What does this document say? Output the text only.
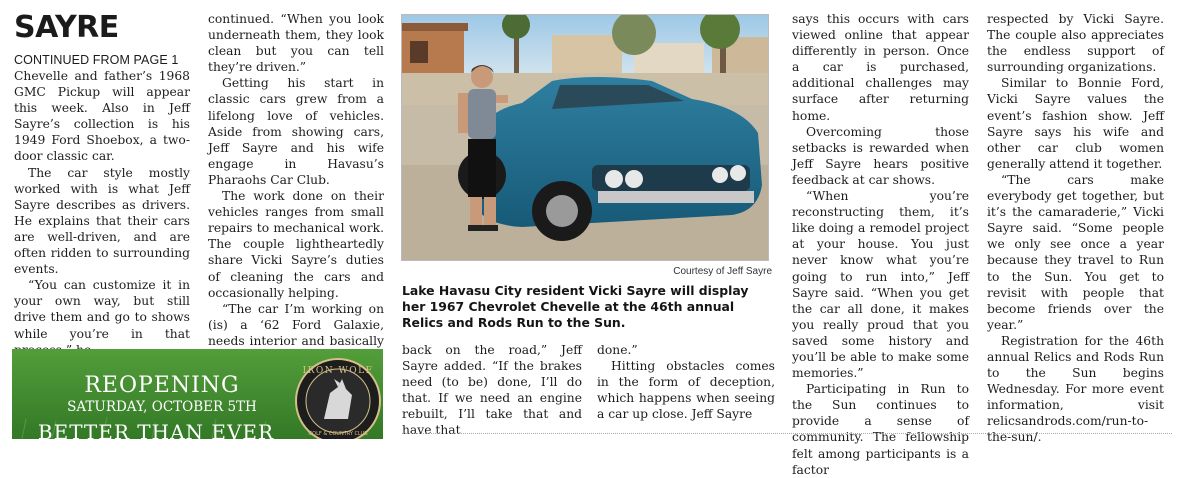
SAYRE
CONTINUED FROM PAGE 1

Chevelle and father’s 1968 GMC Pickup will appear this week. Also in Jeff Sayre’s collection is his 1949 Ford Shoebox, a two-door classic car.

The car style mostly worked with is what Jeff Sayre describes as drivers. He explains that their cars are well-driven, and are often ridden to surrounding events.

“You can customize it in your own way, but still drive them and go to shows while you’re in that

continued. “When you look underneath them, they look clean but you can tell they’re driven.”

Getting his start in classic cars grew from a lifelong love of vehicles. Aside from showing cars, Jeff Sayre and his wife engage in Havasu’s Pharaohs Car Club.

The work done on their vehicles ranges from small repairs to mechanical work. The couple lightheartedly share Vicki Sayre’s duties of cleaning the cars and occasionally helping.

“The car I’m working on (is) a ‘62 Ford Galaxie, needs interior and basically

Courtesy of Jeff Sayre
Lake Havasu City resident Vicki Sayre will display her 1967 Chevrolet Chevelle at the 46th annual Relics and Rods Run to the Sun.

back on the road,” Jeff Sayre added. “If the brakes need (to be) done, I’ll do that. If we need an engine rebuilt, I’ll take that and have that

done.”

Hitting obstacles comes in the form of deception, which happens when seeing a car up close. Jeff Sayre

says this occurs with cars viewed online that appear differently in person. Once a car is purchased, additional challenges may surface after returning home.

Overcoming those setbacks is rewarded when Jeff Sayre hears positive feedback at car shows.

“When you’re reconstructing them, it’s like doing a remodel project at your house. You just never know what you’re going to run into,” Jeff Sayre said. “When you get the car all done, it makes you really proud that you saved some history and you’ll be able to make some memories.”

Participating in Run to the Sun continues to provide a sense of community. The fellowship felt among participants is a factor

respected by Vicki Sayre. The couple also appreciates the endless support of surrounding organizations.

Similar to Bonnie Ford, Vicki Sayre values the event’s fashion show. Jeff Sayre says his wife and other car club women generally attend it together.

“The cars make everybody get together, but it’s the camaraderie,” Vicki Sayre said. “Some people we only see once a year because they travel to Run to the Sun. You get to revisit with people that become friends over the year.”

Registration for the 46th annual Relics and Rods Run to the Sun begins Wednesday. For more event information, visit relicsandrods.com/run-to-the-sun/.

REOPENING
SATURDAY, OCTOBER 5TH
BETTER THAN EVER
IRON WOLF
GOLF & COUNTRY CLUB
